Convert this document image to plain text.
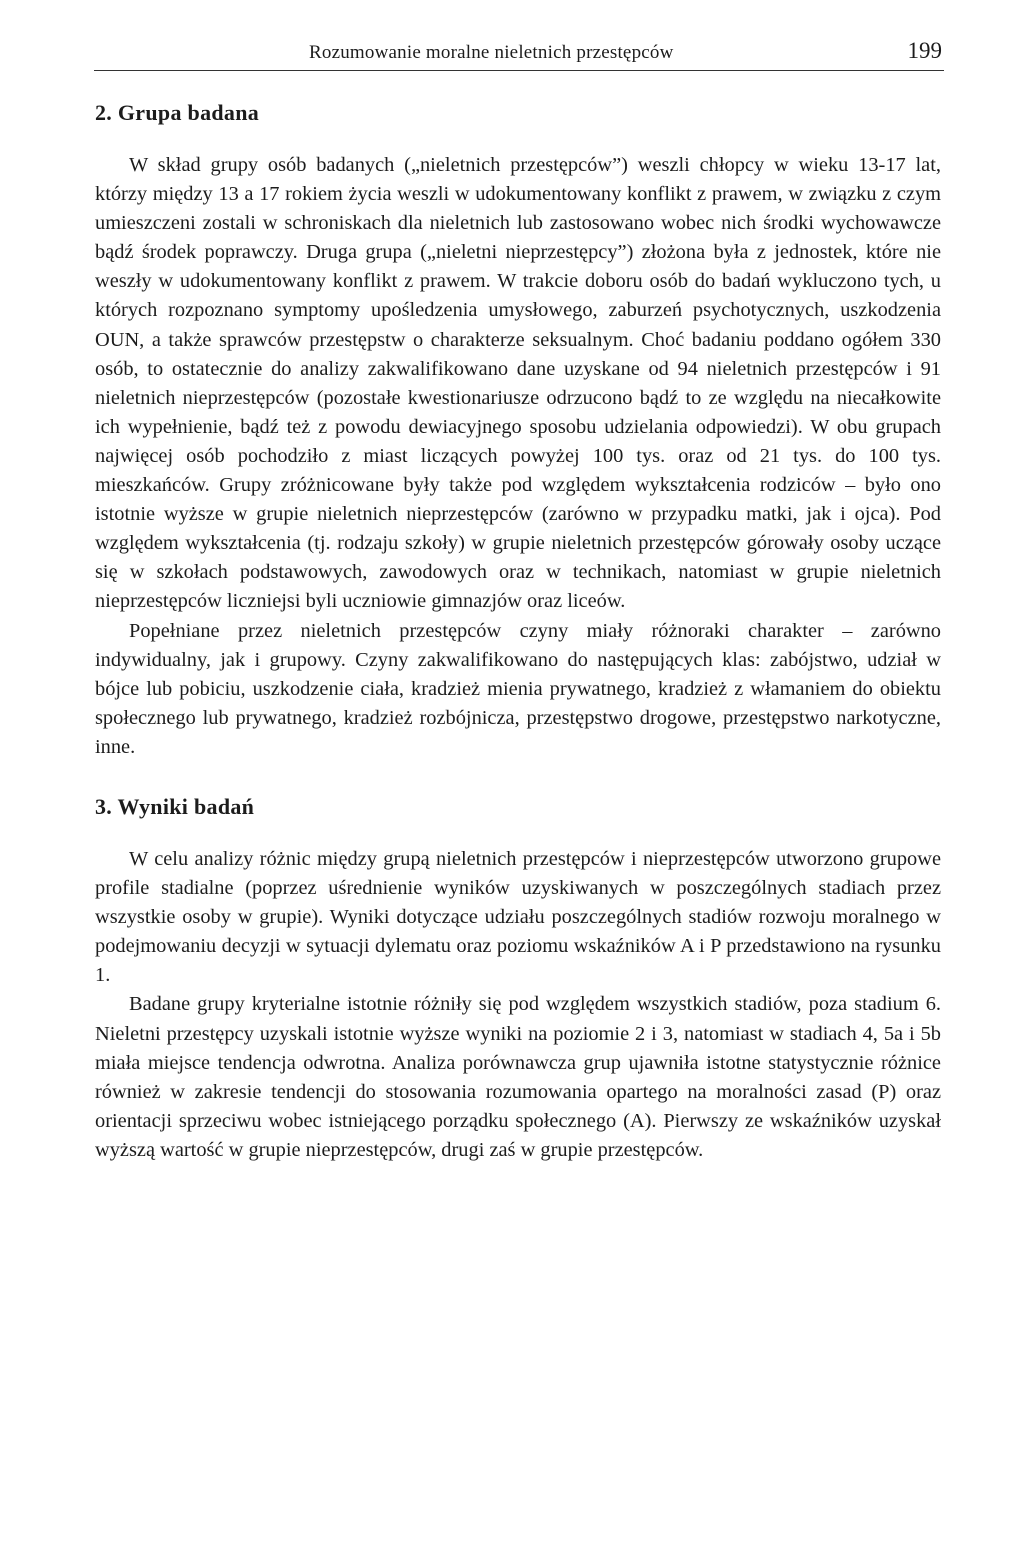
Rozumowanie moralne nieletnich przestępców	199
2. Grupa badana

W skład grupy osób badanych („nieletnich przestępców”) weszli chłopcy w wieku 13-17 lat, którzy między 13 a 17 rokiem życia weszli w udokumentowany konflikt z prawem, w związku z czym umieszczeni zostali w schroniskach dla nieletnich lub zastosowano wobec nich środki wychowawcze bądź środek poprawczy. Druga grupa („nieletni nieprzestępcy”) złożona była z jednostek, które nie weszły w udokumentowany konflikt z prawem. W trakcie doboru osób do badań wykluczono tych, u których rozpoznano symptomy upośledzenia umysłowego, zaburzeń psychotycznych, uszkodzenia OUN, a także sprawców przestępstw o charakterze seksualnym. Choć badaniu poddano ogółem 330 osób, to ostatecznie do analizy zakwalifikowano dane uzyskane od 94 nieletnich przestępców i 91 nieletnich nieprzestępców (pozostałe kwestionariusze odrzucono bądź to ze względu na niecałkowite ich wypełnienie, bądź też z powodu dewiacyjnego sposobu udzielania odpowiedzi). W obu grupach najwięcej osób pochodziło z miast liczących powyżej 100 tys. oraz od 21 tys. do 100 tys. mieszkańców. Grupy zróżnicowane były także pod względem wykształcenia rodziców – było ono istotnie wyższe w grupie nieletnich nieprzestępców (zarówno w przypadku matki, jak i ojca). Pod względem wykształcenia (tj. rodzaju szkoły) w grupie nieletnich przestępców górowały osoby uczące się w szkołach podstawowych, zawodowych oraz w technikach, natomiast w grupie nieletnich nieprzestępców liczniejsi byli uczniowie gimnazjów oraz liceów.

Popełniane przez nieletnich przestępców czyny miały różnoraki charakter – zarówno indywidualny, jak i grupowy. Czyny zakwalifikowano do następujących klas: zabójstwo, udział w bójce lub pobiciu, uszkodzenie ciała, kradzież mienia prywatnego, kradzież z włamaniem do obiektu społecznego lub prywatnego, kradzież rozbójnicza, przestępstwo drogowe, przestępstwo narkotyczne, inne.

3. Wyniki badań

W celu analizy różnic między grupą nieletnich przestępców i nieprzestępców utworzono grupowe profile stadialne (poprzez uśrednienie wyników uzyskiwanych w poszczególnych stadiach przez wszystkie osoby w grupie). Wyniki dotyczące udziału poszczególnych stadiów rozwoju moralnego w podejmowaniu decyzji w sytuacji dylematu oraz poziomu wskaźników A i P przedstawiono na rysunku 1.

Badane grupy kryterialne istotnie różniły się pod względem wszystkich stadiów, poza stadium 6. Nieletni przestępcy uzyskali istotnie wyższe wyniki na poziomie 2 i 3, natomiast w stadiach 4, 5a i 5b miała miejsce tendencja odwrotna. Analiza porównawcza grup ujawniła istotne statystycznie różnice również w zakresie tendencji do stosowania rozumowania opartego na moralności zasad (P) oraz orientacji sprzeciwu wobec istniejącego porządku społecznego (A). Pierwszy ze wskaźników uzyskał wyższą wartość w grupie nieprzestępców, drugi zaś w grupie przestępców.
